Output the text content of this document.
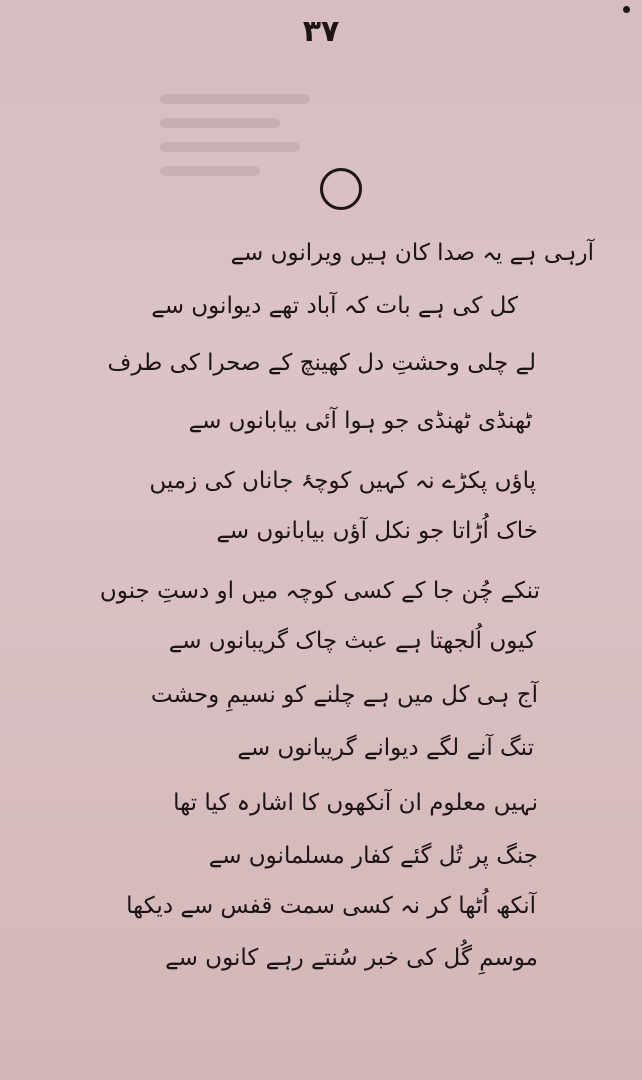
۳۷
آرہی ہے یہ صدا کان ہیں ویرانوں سے
کل کی ہے بات کہ آباد تھے دیوانوں سے
لے چلی وحشتِ دل کھینچ کے صحرا کی طرف
ٹھنڈی ٹھنڈی جو ہوا آئی بیابانوں سے
پاؤں پکڑے نہ کہیں کوچۂ جاناں کی زمیں
خاک اُڑاتا جو نکل آؤں بیابانوں سے
تنکے چُن جا کے کسی کوچہ میں او دستِ جنوں
کیوں اُلجھتا ہے عبث چاک گریبانوں سے
آج ہی کل میں ہے چلنے کو نسیمِ وحشت
تنگ آنے لگے دیوانے گریبانوں سے
نہیں معلوم ان آنکھوں کا اشارہ کیا تھا
جنگ پر تُل گئے کفار مسلمانوں سے
آنکھ اُٹھا کر نہ کسی سمت قفس سے دیکھا
موسمِ گُل کی خبر سُنتے رہے کانوں سے
